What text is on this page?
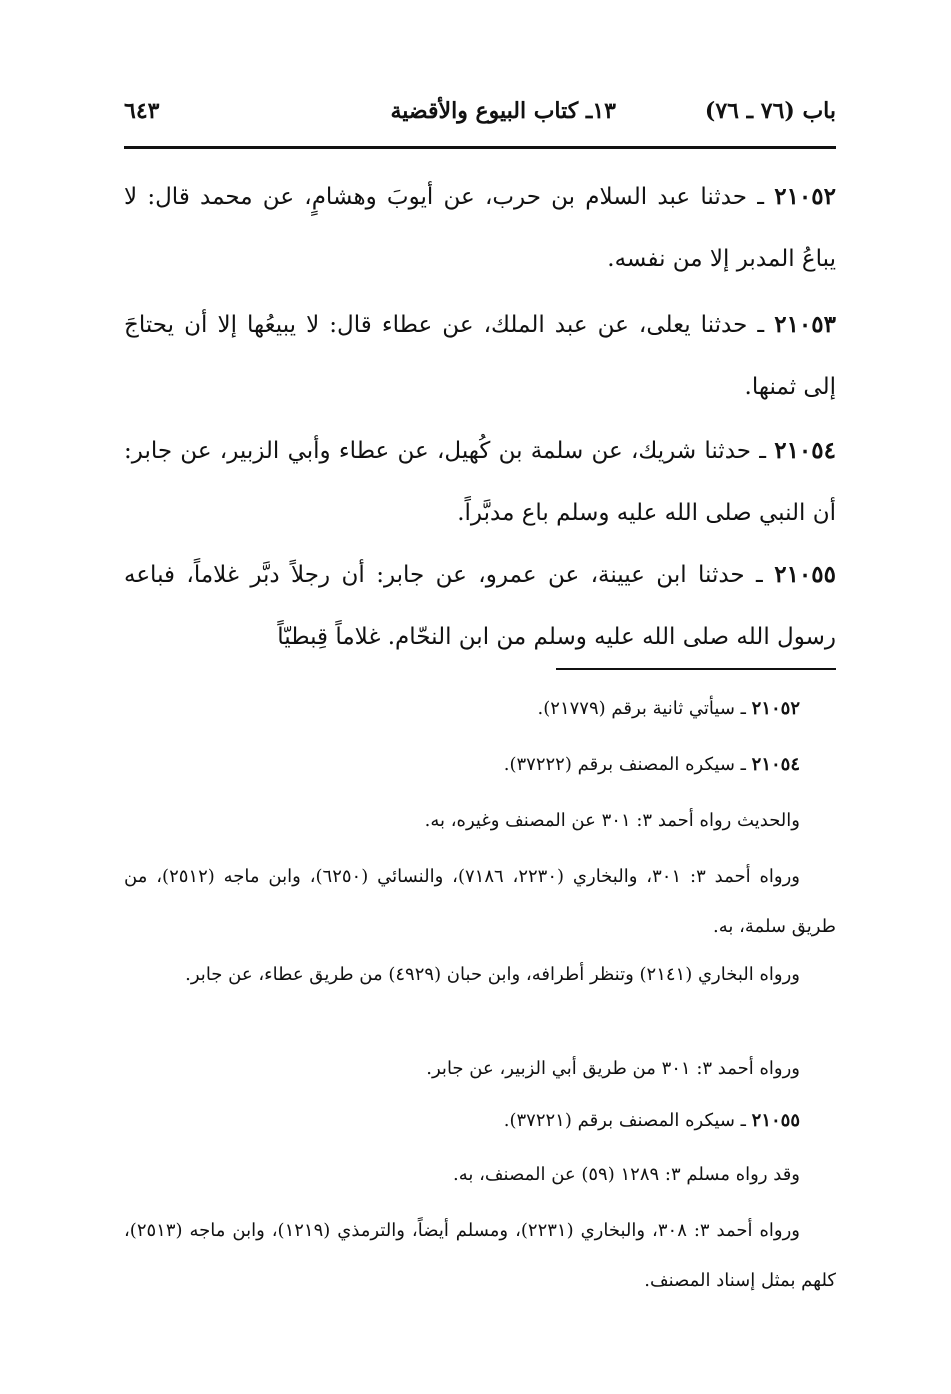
باب (٧٦ ـ ٧٦)
١٣ـ كتاب البيوع والأقضية
٦٤٣
٢١٠٥٢ ـ حدثنا عبد السلام بن حرب، عن أيوبَ وهشامٍ، عن محمد قال: لا يباعُ المدبر إلا من نفسه.
٢١٠٥٣ ـ حدثنا يعلى، عن عبد الملك، عن عطاء قال: لا يبيعُها إلا أن يحتاجَ إلى ثمنها.
٢١٠٥٤ ـ حدثنا شريك، عن سلمة بن كُهيل، عن عطاء وأبي الزبير، عن جابر: أن النبي صلى الله عليه وسلم باع مدبَّراً.
٢١٠٥٥ ـ حدثنا ابن عيينة، عن عمرو، عن جابر: أن رجلاً دبَّر غلاماً، فباعه رسول الله صلى الله عليه وسلم من ابن النحّام. غلاماً قِبطيّاً
٢١٠٥٢ ـ سيأتي ثانية برقم (٢١٧٧٩).
٢١٠٥٤ ـ سيكره المصنف برقم (٣٧٢٢٢).
والحديث رواه أحمد ٣: ٣٠١ عن المصنف وغيره، به.
ورواه أحمد ٣: ٣٠١، والبخاري (٢٢٣٠، ٧١٨٦)، والنسائي (٦٢٥٠)، وابن ماجه (٢٥١٢)، من طريق سلمة، به.
ورواه البخاري (٢١٤١) وتنظر أطرافه، وابن حبان (٤٩٢٩) من طريق عطاء، عن جابر.
ورواه أحمد ٣: ٣٠١ من طريق أبي الزبير، عن جابر.
٢١٠٥٥ ـ سيكره المصنف برقم (٣٧٢٢١).
وقد رواه مسلم ٣: ١٢٨٩ (٥٩) عن المصنف، به.
ورواه أحمد ٣: ٣٠٨، والبخاري (٢٢٣١)، ومسلم أيضاً، والترمذي (١٢١٩)، وابن ماجه (٢٥١٣)، كلهم بمثل إسناد المصنف.
